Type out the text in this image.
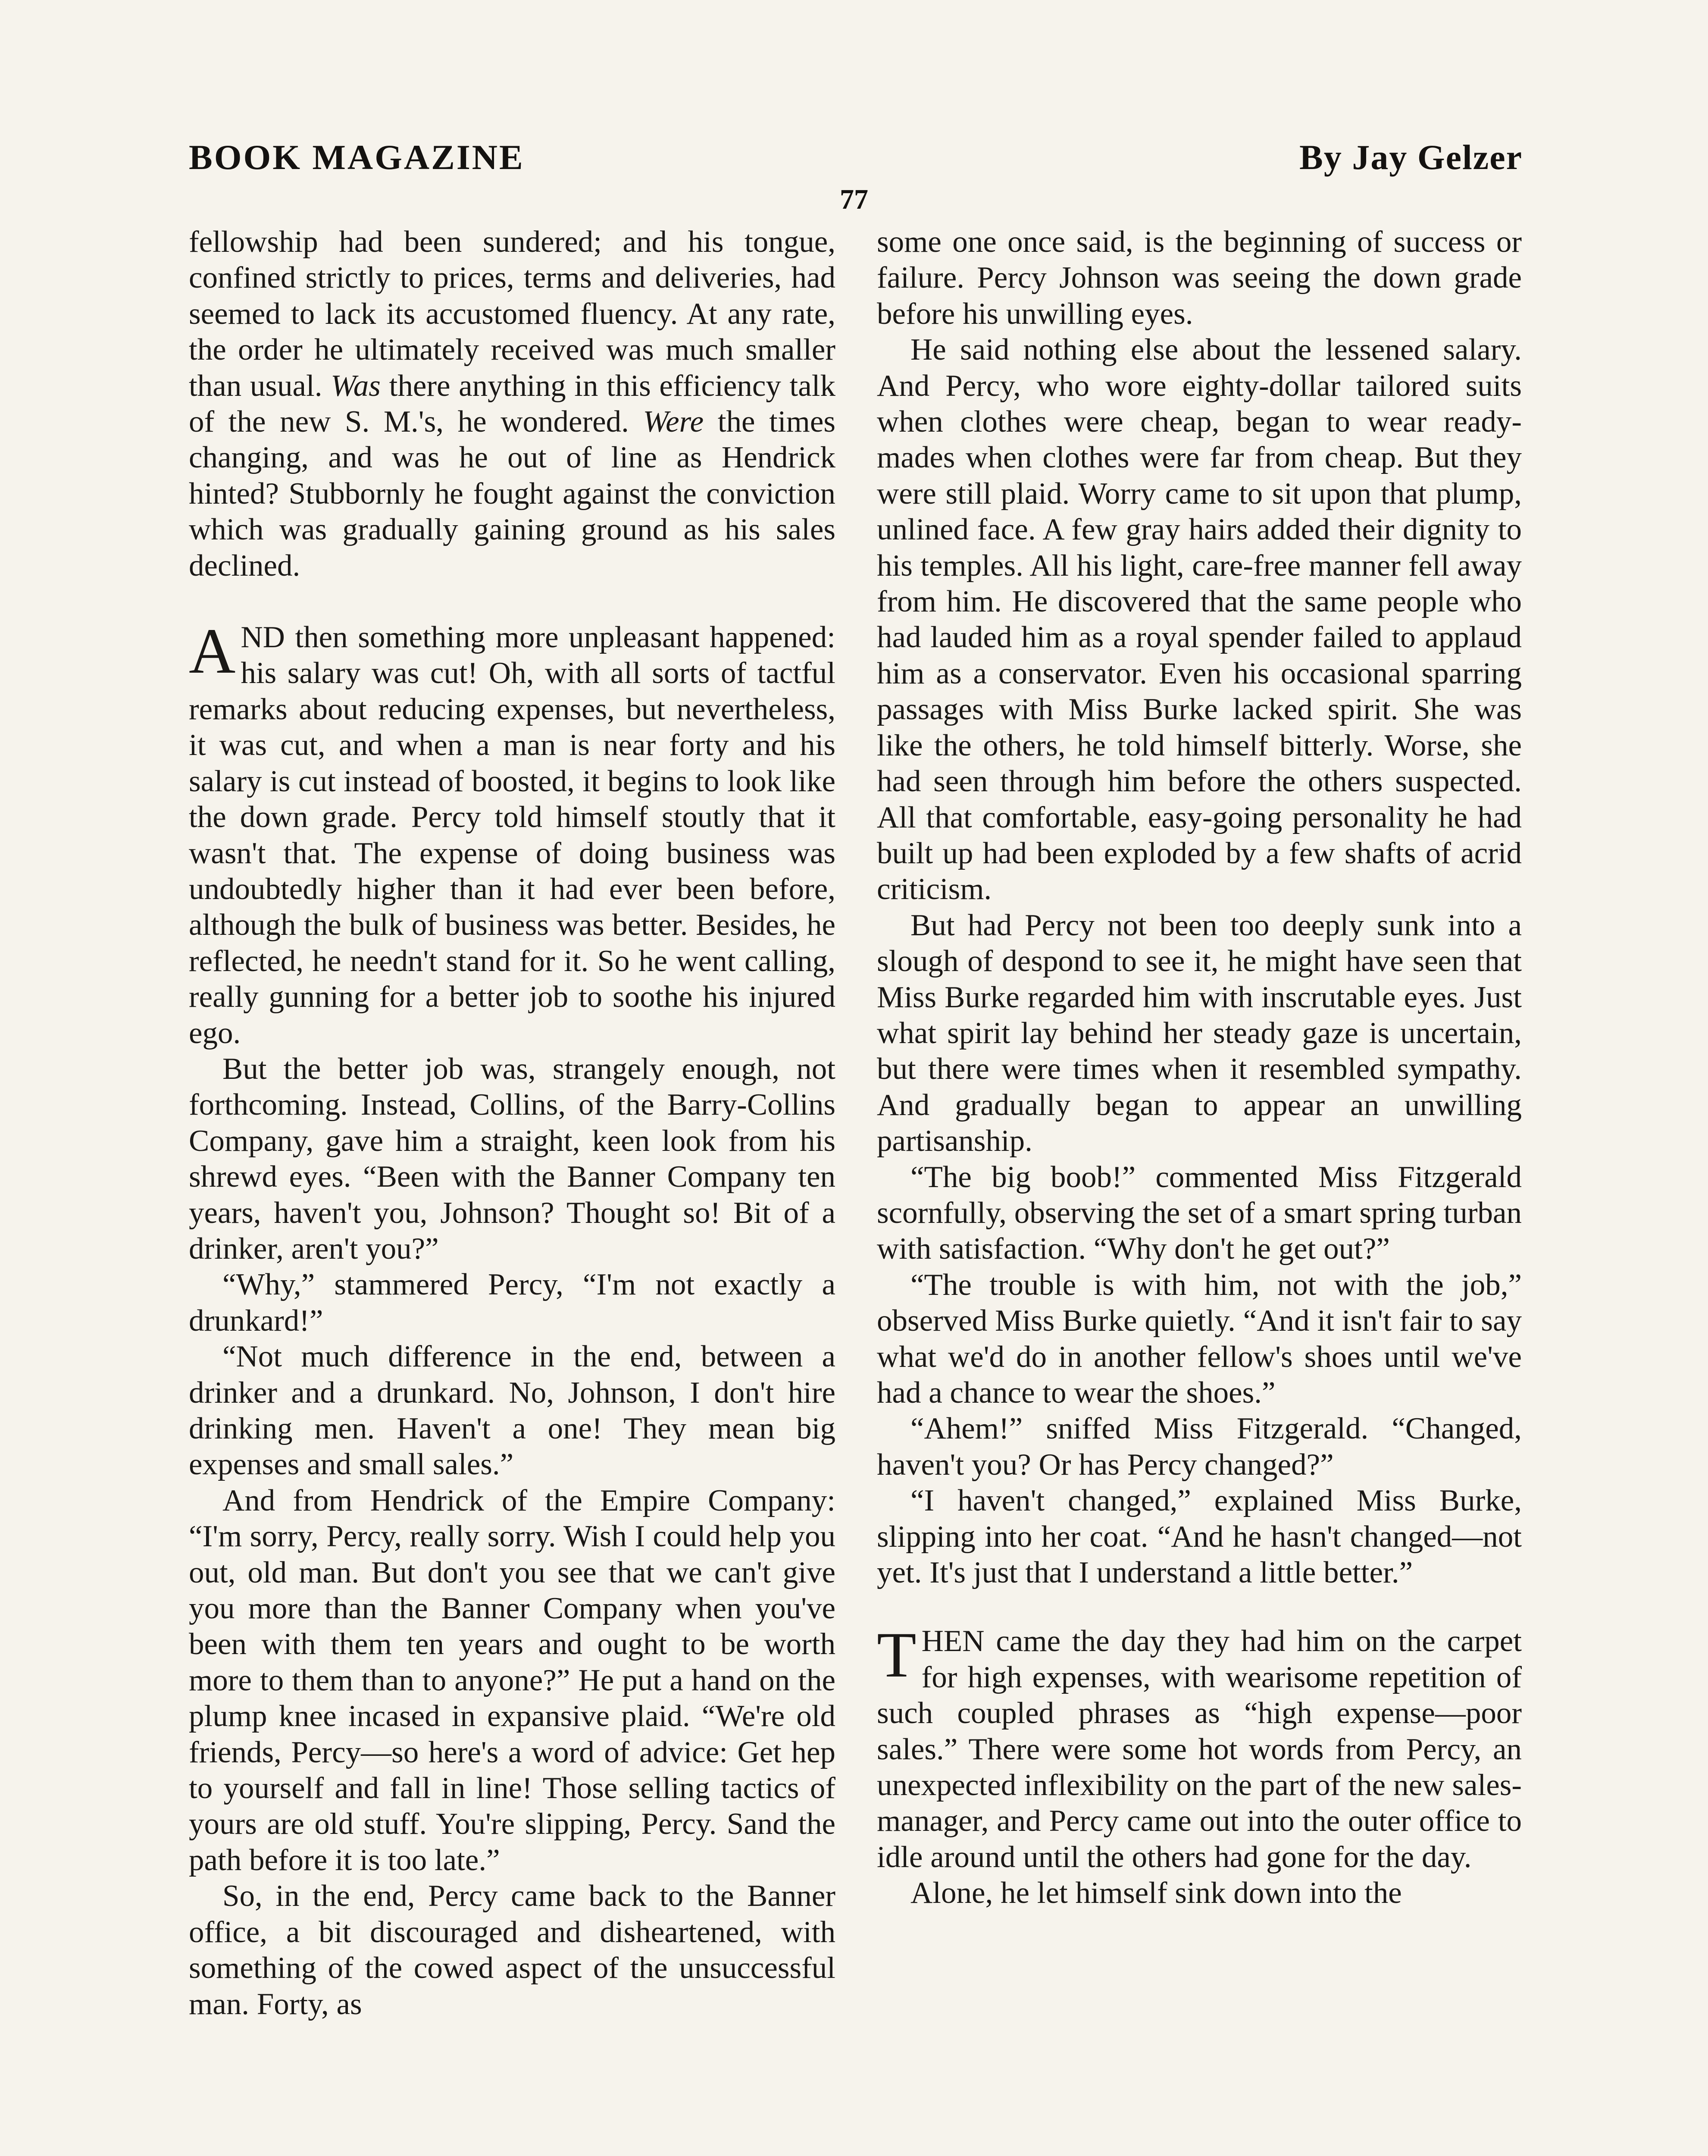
BOOK MAGAZINE	By Jay Gelzer
77

fellowship had been sundered; and his tongue, confined strictly to prices, terms and deliveries, had seemed to lack its accustomed fluency. At any rate, the order he ultimately received was much smaller than usual. Was there anything in this efficiency talk of the new S. M.'s, he wondered. Were the times changing, and was he out of line as Hendrick hinted? Stubbornly he fought against the conviction which was gradually gaining ground as his sales declined.

AND then something more unpleasant happened: his salary was cut! Oh, with all sorts of tactful remarks about reducing expenses, but nevertheless, it was cut, and when a man is near forty and his salary is cut instead of boosted, it begins to look like the down grade. Percy told himself stoutly that it wasn't that. The expense of doing business was undoubtedly higher than it had ever been before, although the bulk of business was better. Besides, he reflected, he needn't stand for it. So he went calling, really gunning for a better job to soothe his injured ego.

But the better job was, strangely enough, not forthcoming. Instead, Collins, of the Barry-Collins Company, gave him a straight, keen look from his shrewd eyes. “Been with the Banner Company ten years, haven't you, Johnson? Thought so! Bit of a drinker, aren't you?”

“Why,” stammered Percy, “I'm not exactly a drunkard!”

“Not much difference in the end, between a drinker and a drunkard. No, Johnson, I don't hire drinking men. Haven't a one! They mean big expenses and small sales.”

And from Hendrick of the Empire Company: “I'm sorry, Percy, really sorry. Wish I could help you out, old man. But don't you see that we can't give you more than the Banner Company when you've been with them ten years and ought to be worth more to them than to anyone?” He put a hand on the plump knee incased in expansive plaid. “We're old friends, Percy—so here's a word of advice: Get hep to yourself and fall in line! Those selling tactics of yours are old stuff. You're slipping, Percy. Sand the path before it is too late.”

So, in the end, Percy came back to the Banner office, a bit discouraged and disheartened, with something of the cowed aspect of the unsuccessful man. Forty, as

some one once said, is the beginning of success or failure. Percy Johnson was seeing the down grade before his unwilling eyes.

He said nothing else about the lessened salary. And Percy, who wore eighty-dollar tailored suits when clothes were cheap, began to wear ready-mades when clothes were far from cheap. But they were still plaid. Worry came to sit upon that plump, unlined face. A few gray hairs added their dignity to his temples. All his light, care-free manner fell away from him. He discovered that the same people who had lauded him as a royal spender failed to applaud him as a conservator. Even his occasional sparring passages with Miss Burke lacked spirit. She was like the others, he told himself bitterly. Worse, she had seen through him before the others suspected. All that comfortable, easy-going personality he had built up had been exploded by a few shafts of acrid criticism.

But had Percy not been too deeply sunk into a slough of despond to see it, he might have seen that Miss Burke regarded him with inscrutable eyes. Just what spirit lay behind her steady gaze is uncertain, but there were times when it resembled sympathy. And gradually began to appear an unwilling partisanship.

“The big boob!” commented Miss Fitzgerald scornfully, observing the set of a smart spring turban with satisfaction. “Why don't he get out?”

“The trouble is with him, not with the job,” observed Miss Burke quietly. “And it isn't fair to say what we'd do in another fellow's shoes until we've had a chance to wear the shoes.”

“Ahem!” sniffed Miss Fitzgerald. “Changed, haven't you? Or has Percy changed?”

“I haven't changed,” explained Miss Burke, slipping into her coat. “And he hasn't changed—not yet. It's just that I understand a little better.”

THEN came the day they had him on the carpet for high expenses, with wearisome repetition of such coupled phrases as “high expense—poor sales.” There were some hot words from Percy, an unexpected inflexibility on the part of the new sales-manager, and Percy came out into the outer office to idle around until the others had gone for the day.

Alone, he let himself sink down into the
